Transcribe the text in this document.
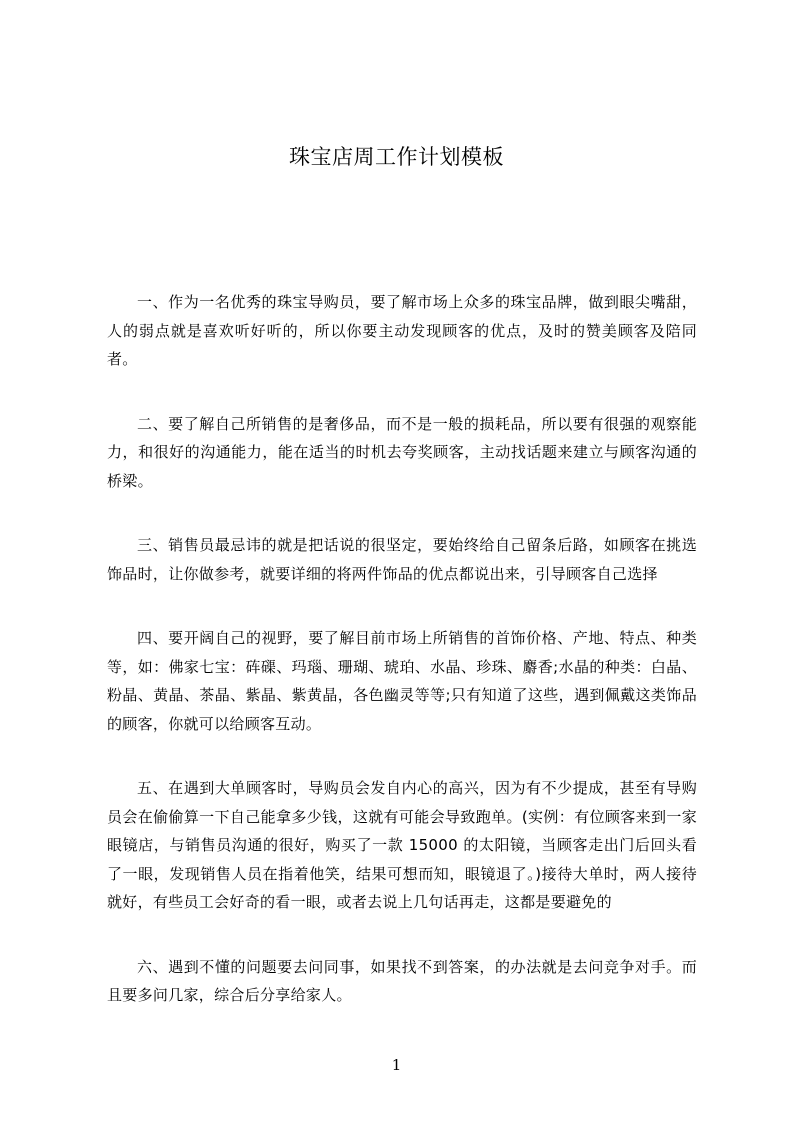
珠宝店周工作计划模板

一、作为一名优秀的珠宝导购员，要了解市场上众多的珠宝品牌，做到眼尖嘴甜，人的弱点就是喜欢听好听的，所以你要主动发现顾客的优点，及时的赞美顾客及陪同者。

二、要了解自己所销售的是奢侈品，而不是一般的损耗品，所以要有很强的观察能力，和很好的沟通能力，能在适当的时机去夸奖顾客，主动找话题来建立与顾客沟通的桥梁。

三、销售员最忌讳的就是把话说的很坚定，要始终给自己留条后路，如顾客在挑选饰品时，让你做参考，就要详细的将两件饰品的优点都说出来，引导顾客自己选择

四、要开阔自己的视野，要了解目前市场上所销售的首饰价格、产地、特点、种类等，如：佛家七宝：砗磲、玛瑙、珊瑚、琥珀、水晶、珍珠、麝香;水晶的种类：白晶、粉晶、黄晶、茶晶、紫晶、紫黄晶，各色幽灵等等;只有知道了这些，遇到佩戴这类饰品的顾客，你就可以给顾客互动。

五、在遇到大单顾客时，导购员会发自内心的高兴，因为有不少提成，甚至有导购员会在偷偷算一下自己能拿多少钱，这就有可能会导致跑单。(实例：有位顾客来到一家眼镜店，与销售员沟通的很好，购买了一款 15000 的太阳镜，当顾客走出门后回头看了一眼，发现销售人员在指着他笑，结果可想而知，眼镜退了。)接待大单时，两人接待就好，有些员工会好奇的看一眼，或者去说上几句话再走，这都是要避免的

六、遇到不懂的问题要去问同事，如果找不到答案，的办法就是去问竞争对手。而且要多问几家，综合后分享给家人。

1
